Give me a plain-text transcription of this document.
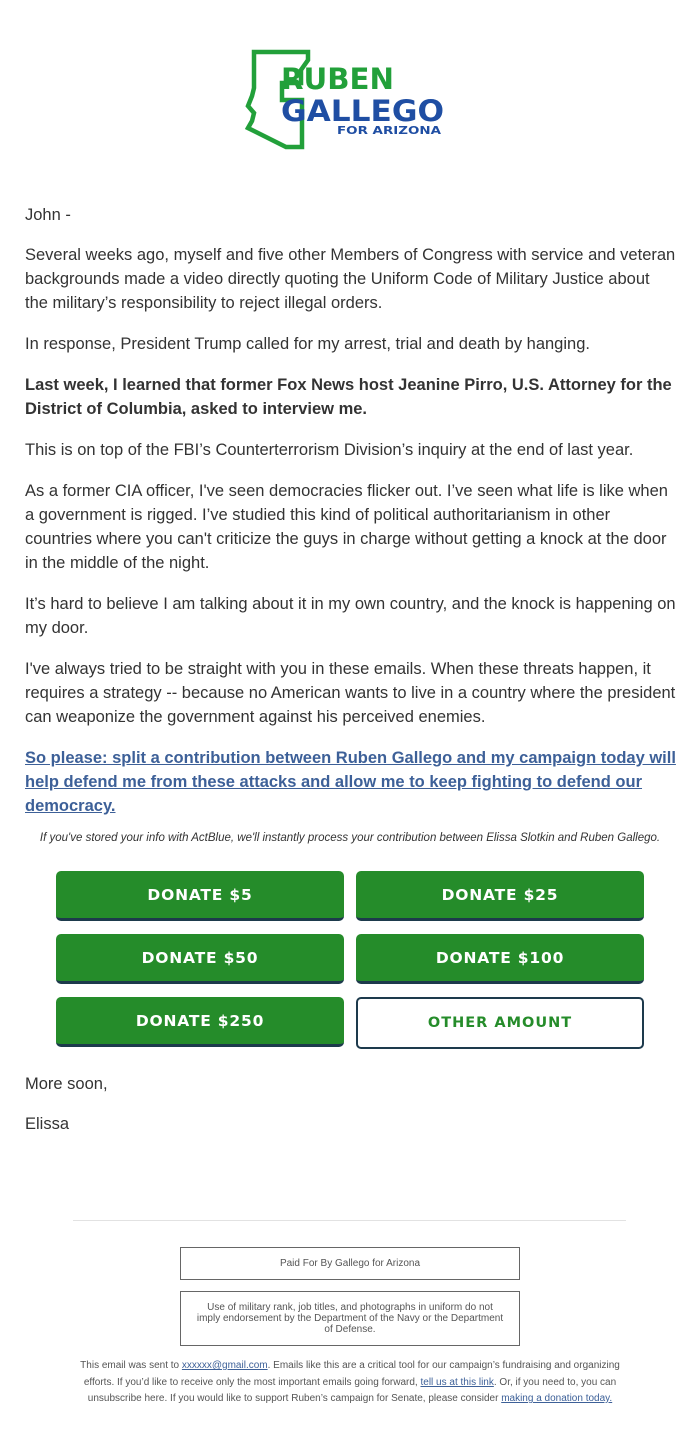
RUBEN
GALLEGO
FOR ARIZONA

John -

Several weeks ago, myself and five other Members of Congress with service and veteran backgrounds made a video directly quoting the Uniform Code of Military Justice about the military’s responsibility to reject illegal orders.

In response, President Trump called for my arrest, trial and death by hanging.

Last week, I learned that former Fox News host Jeanine Pirro, U.S. Attorney for the District of Columbia, asked to interview me.

This is on top of the FBI’s Counterterrorism Division’s inquiry at the end of last year.

As a former CIA officer, I've seen democracies flicker out. I’ve seen what life is like when a government is rigged. I’ve studied this kind of political authoritarianism in other countries where you can't criticize the guys in charge without getting a knock at the door in the middle of the night.

It’s hard to believe I am talking about it in my own country, and the knock is happening on my door.

I've always tried to be straight with you in these emails. When these threats happen, it requires a strategy -- because no American wants to live in a country where the president can weaponize the government against his perceived enemies.

So please: split a contribution between Ruben Gallego and my campaign today will help defend me from these attacks and allow me to keep fighting to defend our democracy.

If you've stored your info with ActBlue, we'll instantly process your contribution between Elissa Slotkin and Ruben Gallego.
DONATE $5	DONATE $25
DONATE $50	DONATE $100
DONATE $250	OTHER AMOUNT
More soon,
Elissa
Paid For By Gallego for Arizona
Use of military rank, job titles, and photographs in uniform do not imply endorsement by the Department of the Navy or the Department of Defense.
This email was sent to xxxxxx@gmail.com. Emails like this are a critical tool for our campaign’s fundraising and organizing efforts. If you’d like to receive only the most important emails going forward, tell us at this link. Or, if you need to, you can unsubscribe here. If you would like to support Ruben’s campaign for Senate, please consider making a donation today.
